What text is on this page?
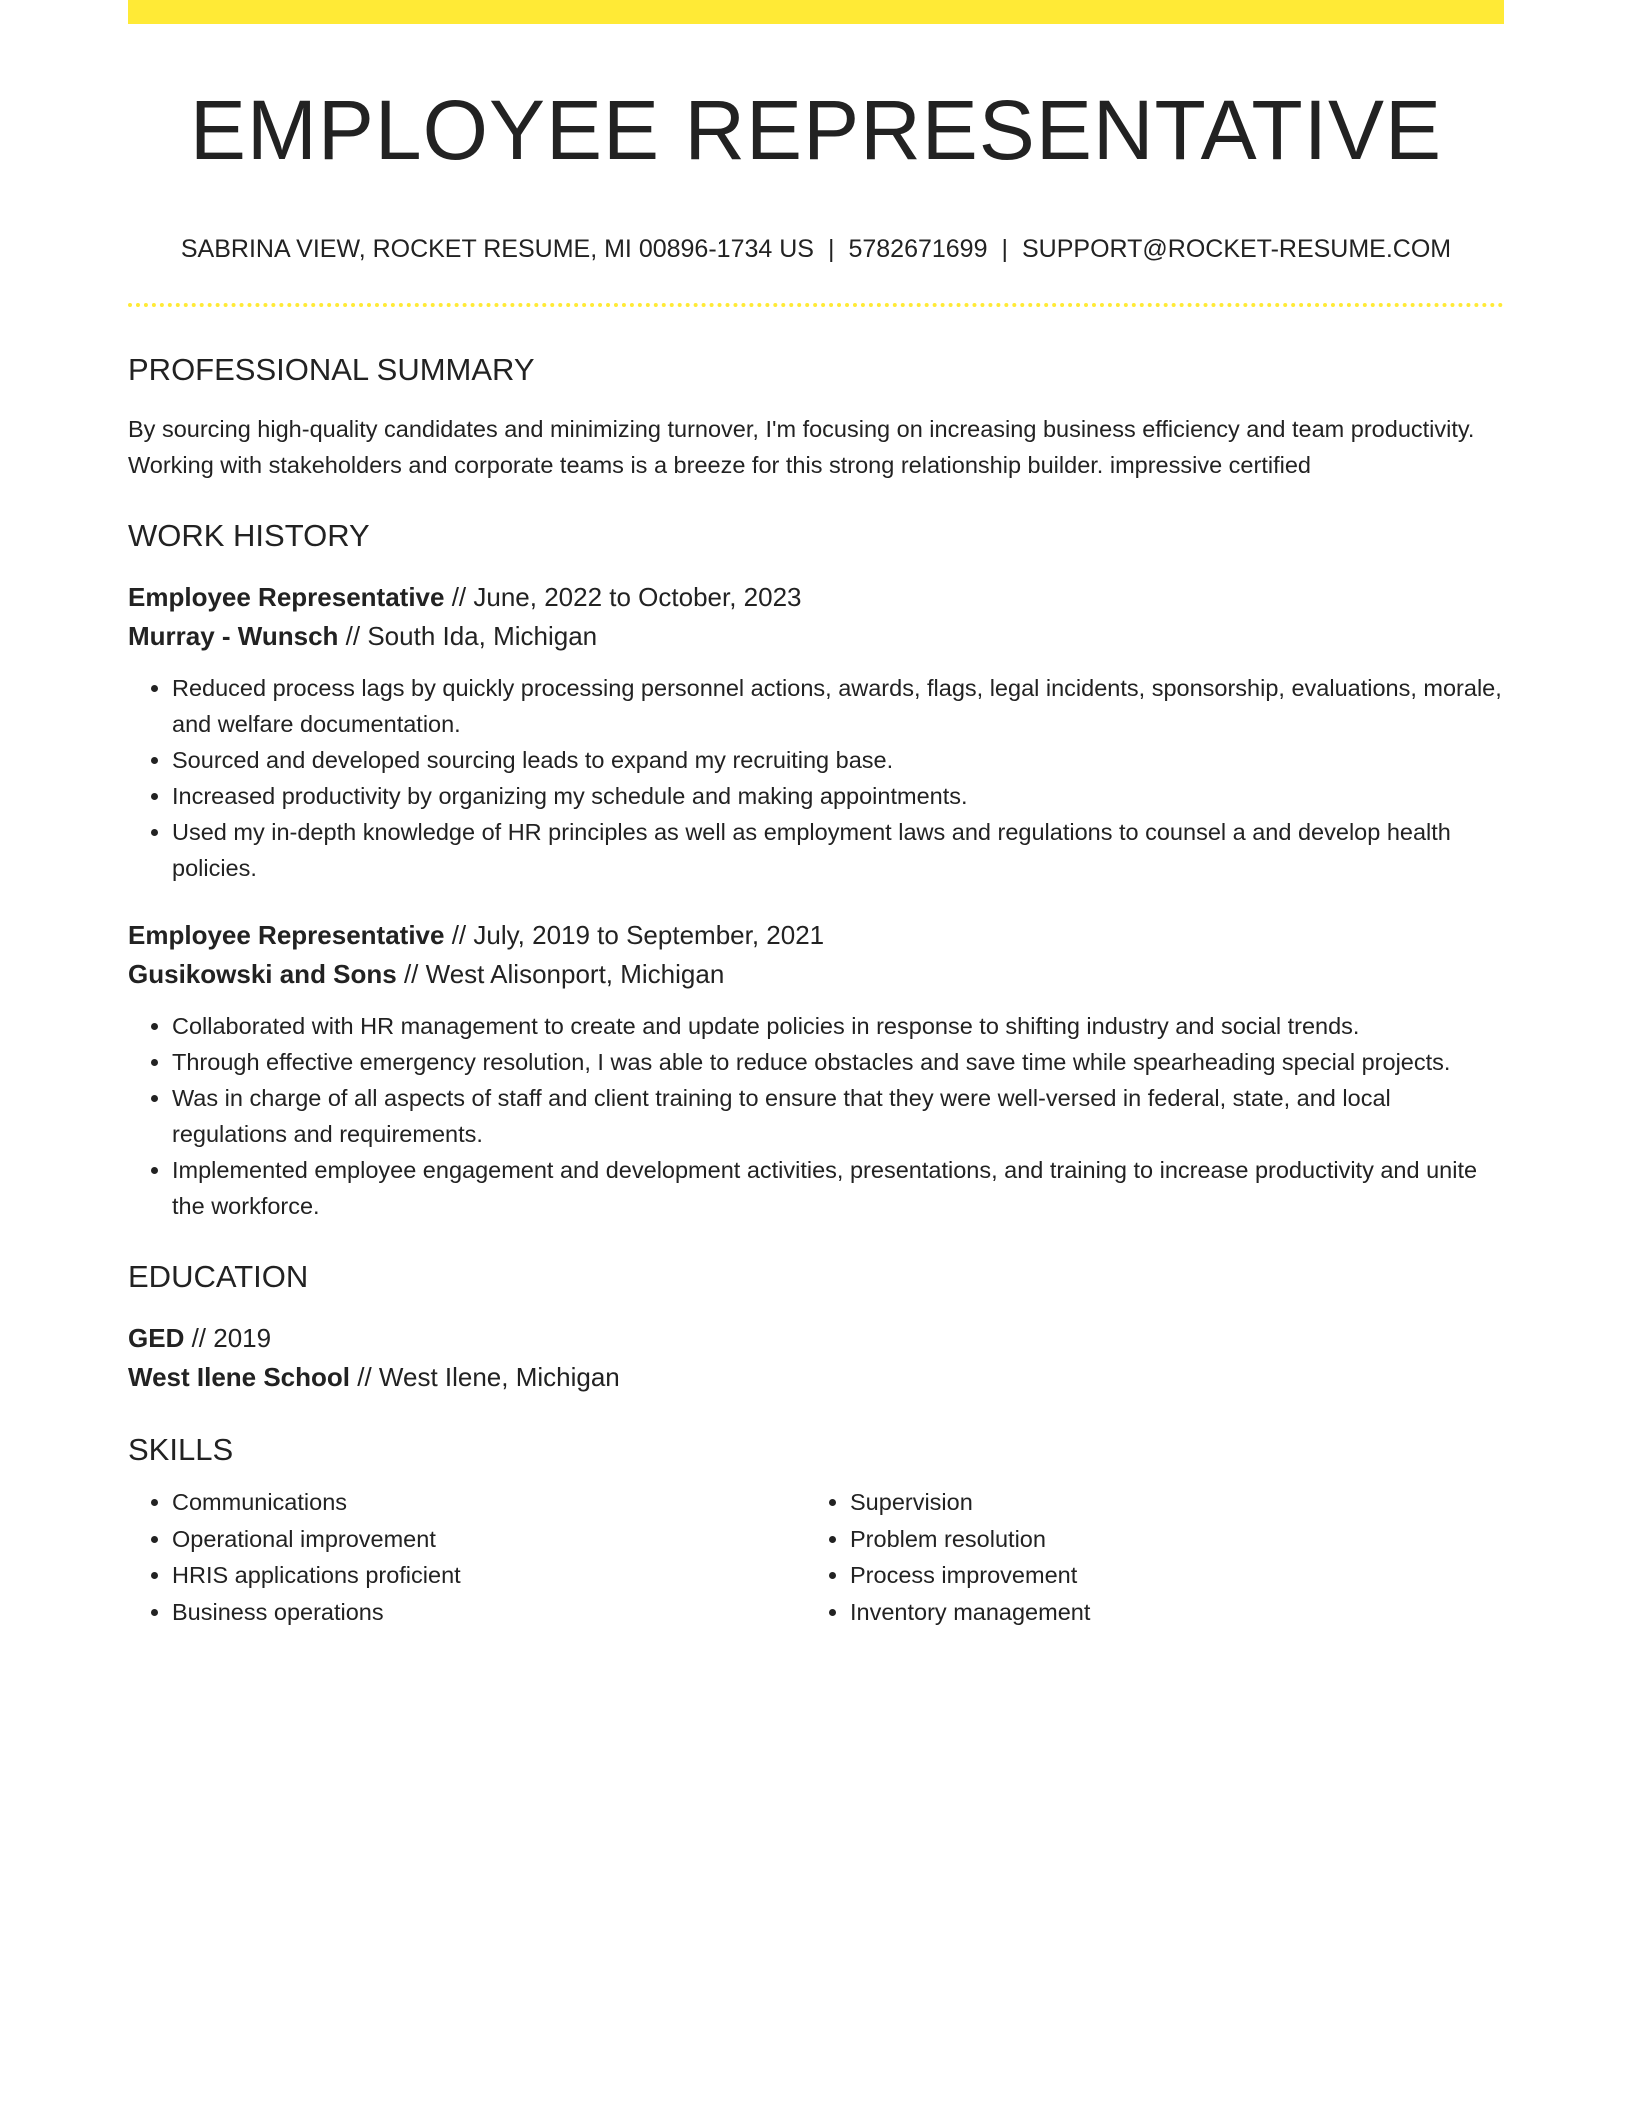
EMPLOYEE REPRESENTATIVE
SABRINA VIEW, ROCKET RESUME, MI 00896-1734 US | 5782671699 | SUPPORT@ROCKET-RESUME.COM
PROFESSIONAL SUMMARY

By sourcing high-quality candidates and minimizing turnover, I'm focusing on increasing business efficiency and team productivity. Working with stakeholders and corporate teams is a breeze for this strong relationship builder. impressive certified

WORK HISTORY
Employee Representative // June, 2022 to October, 2023
Murray - Wunsch // South Ida, Michigan
• Reduced process lags by quickly processing personnel actions, awards, flags, legal incidents, sponsorship, evaluations, morale, and welfare documentation.
• Sourced and developed sourcing leads to expand my recruiting base.
• Increased productivity by organizing my schedule and making appointments.
• Used my in-depth knowledge of HR principles as well as employment laws and regulations to counsel a and develop health policies.
Employee Representative // July, 2019 to September, 2021
Gusikowski and Sons // West Alisonport, Michigan
• Collaborated with HR management to create and update policies in response to shifting industry and social trends.
• Through effective emergency resolution, I was able to reduce obstacles and save time while spearheading special projects.
• Was in charge of all aspects of staff and client training to ensure that they were well-versed in federal, state, and local regulations and requirements.
• Implemented employee engagement and development activities, presentations, and training to increase productivity and unite the workforce.
EDUCATION
GED // 2019
West Ilene School // West Ilene, Michigan
SKILLS
• Communications
• Operational improvement
• HRIS applications proficient
• Business operations
• Supervision
• Problem resolution
• Process improvement
• Inventory management
